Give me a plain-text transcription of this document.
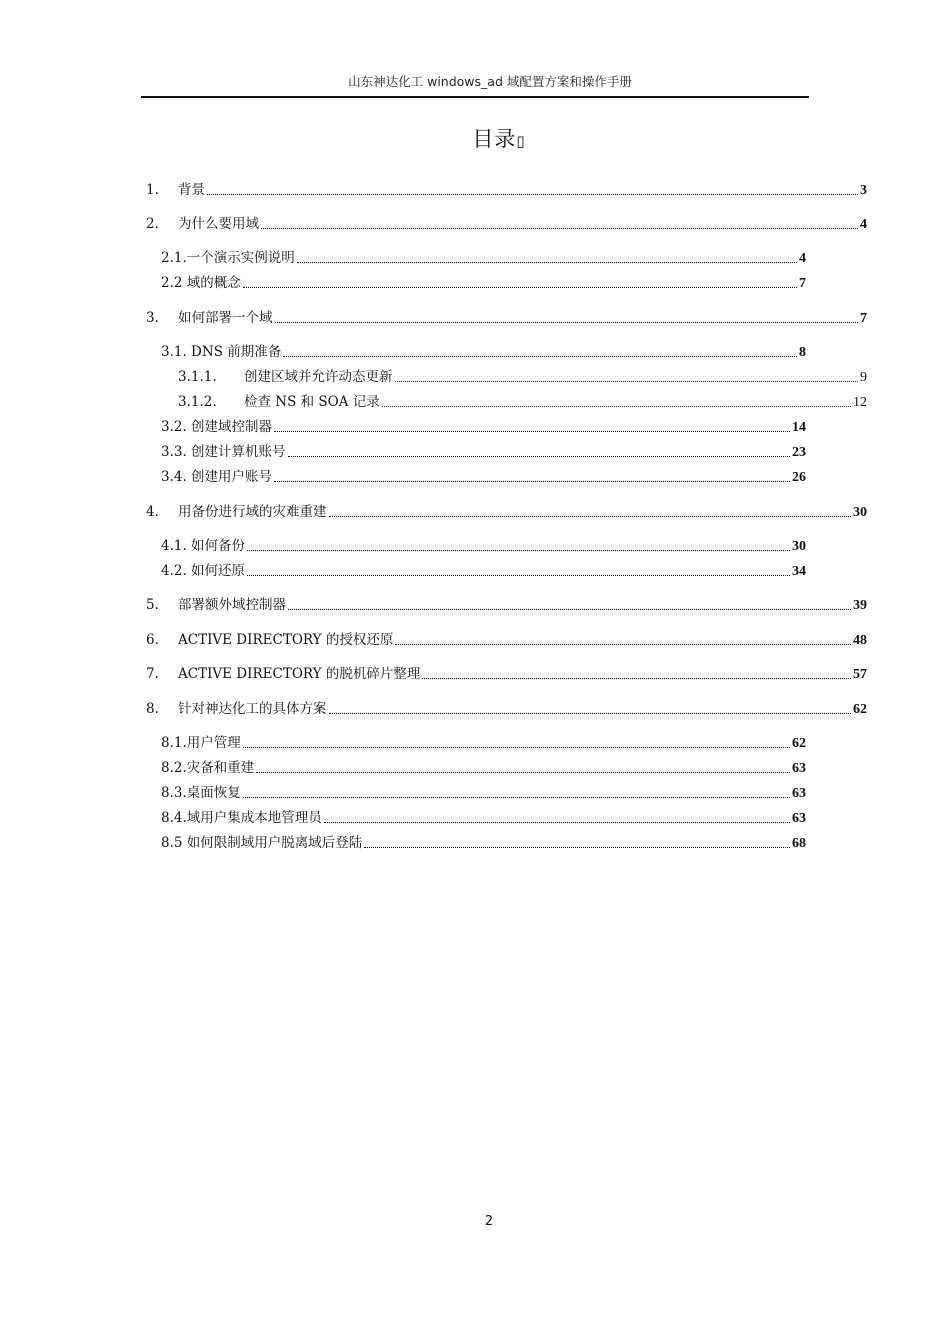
山东神达化工 windows_ad 域配置方案和操作手册
目录▯
1.	背景	3
2.	为什么要用域	4
2.1.一个演示实例说明	4
2.2 域的概念	7
3.	如何部署一个域	7
3.1. DNS 前期准备	8
3.1.1.	创建区域并允许动态更新	9
3.1.2.	检查 NS 和 SOA 记录	12
3.2. 创建域控制器	14
3.3. 创建计算机账号	23
3.4. 创建用户账号	26
4.	用备份进行域的灾难重建	30
4.1. 如何备份	30
4.2. 如何还原	34
5.	部署额外域控制器	39
6.	ACTIVE DIRECTORY 的授权还原	48
7.	ACTIVE DIRECTORY 的脱机碎片整理	57
8.	针对神达化工的具体方案	62
8.1.用户管理	62
8.2.灾备和重建	63
8.3.桌面恢复	63
8.4.域用户集成本地管理员	63
8.5 如何限制域用户脱离域后登陆	68
2
